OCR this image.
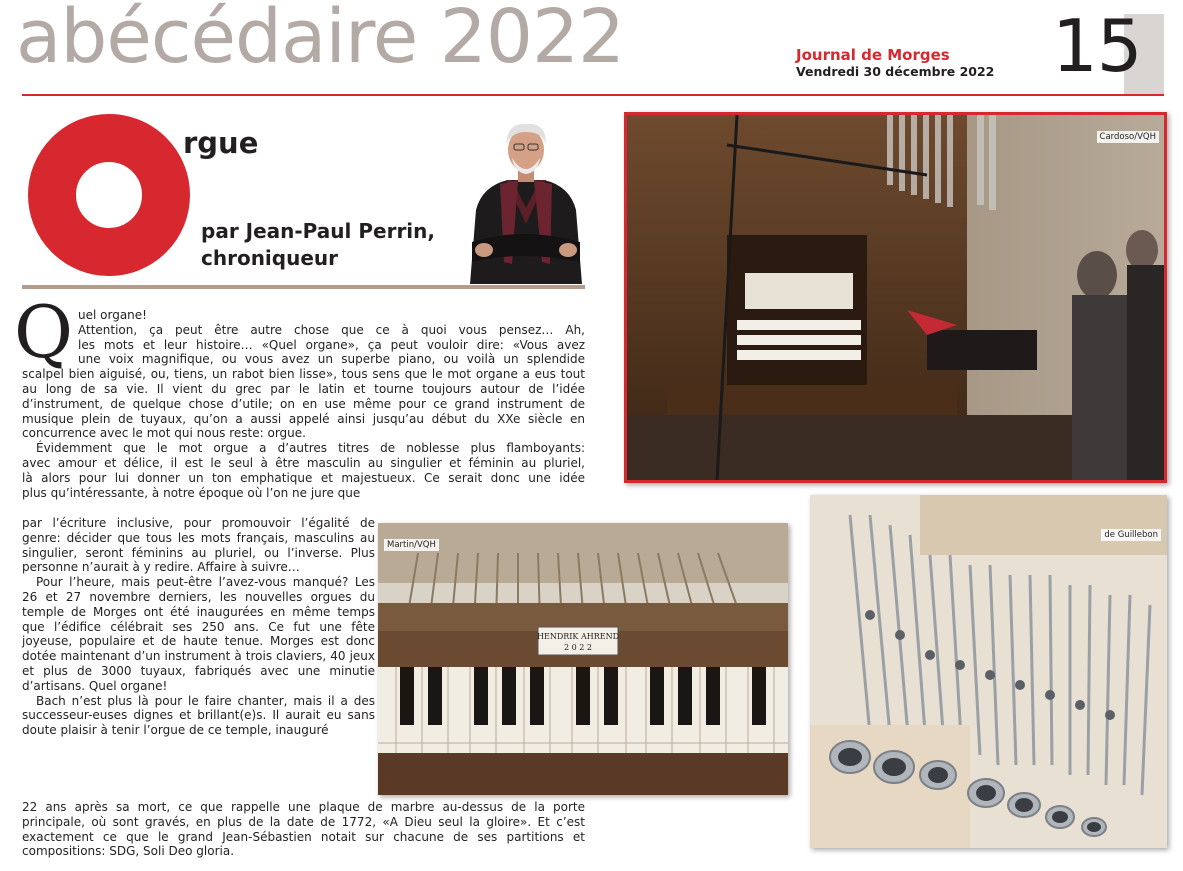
abécédaire 2022	Journal de Morges
Vendredi 30 décembre 2022 15
rgue
par Jean-Paul Perrin,
chroniqueur
Q uel organe!

Attention, ça peut être autre chose que ce à quoi vous pensez… Ah,

les mots et leur histoire… «Quel organe», ça peut vouloir dire: «Vous avez

une voix magnifique, ou vous avez un superbe piano, ou voilà un splendide

scalpel bien aiguisé, ou, tiens, un rabot bien lisse», tous sens que le mot organe a eus tout au long de sa vie. Il vient du grec par le latin et tourne toujours autour de l’idée d’instrument, de quelque chose d’utile; on en use même pour ce grand instrument de musique plein de tuyaux, qu’on a aussi appelé ainsi jusqu’au début du XXe siècle en concurrence avec le mot qui nous reste: orgue.

Évidemment que le mot orgue a d’autres titres de noblesse plus flamboyants:

avec amour et délice, il est le seul à être masculin au singulier et féminin au pluriel,

là alors pour lui donner un ton emphatique et majestueux. Ce serait donc une idée

plus qu’intéressante, à notre époque où l’on ne jure que

par l’écriture inclusive, pour promouvoir l’égalité de genre: décider que tous les mots français, masculins au singulier, seront féminins au pluriel, ou l’inverse. Plus personne n’aurait à y redire. Affaire à suivre…

Pour l’heure, mais peut-être l’avez-vous manqué? Les 26 et 27 novembre derniers, les nouvelles orgues du temple de Morges ont été inaugurées en même temps que l’édifice célébrait ses 250 ans. Ce fut une fête joyeuse, populaire et de haute tenue. Morges est donc dotée maintenant d’un instrument à trois claviers, 40 jeux et plus de 3000 tuyaux, fabriqués avec une minutie d’artisans. Quel organe!

Bach n’est plus là pour le faire chanter, mais il a des successeur-euses dignes et brillant(e)s. Il aurait eu sans doute plaisir à tenir l’orgue de ce temple, inauguré

22 ans après sa mort, ce que rappelle une plaque de marbre au-dessus de la porte principale, où sont gravés, en plus de la date de 1772, «A Dieu seul la gloire». Et c’est exactement ce que le grand Jean-Sébastien notait sur chacune de ses partitions et compositions: SDG, Soli Deo gloria.

Cardoso/VQH
HENDRIK AHREND
2 0 2 2
Martin/VQH
de Guillebon
